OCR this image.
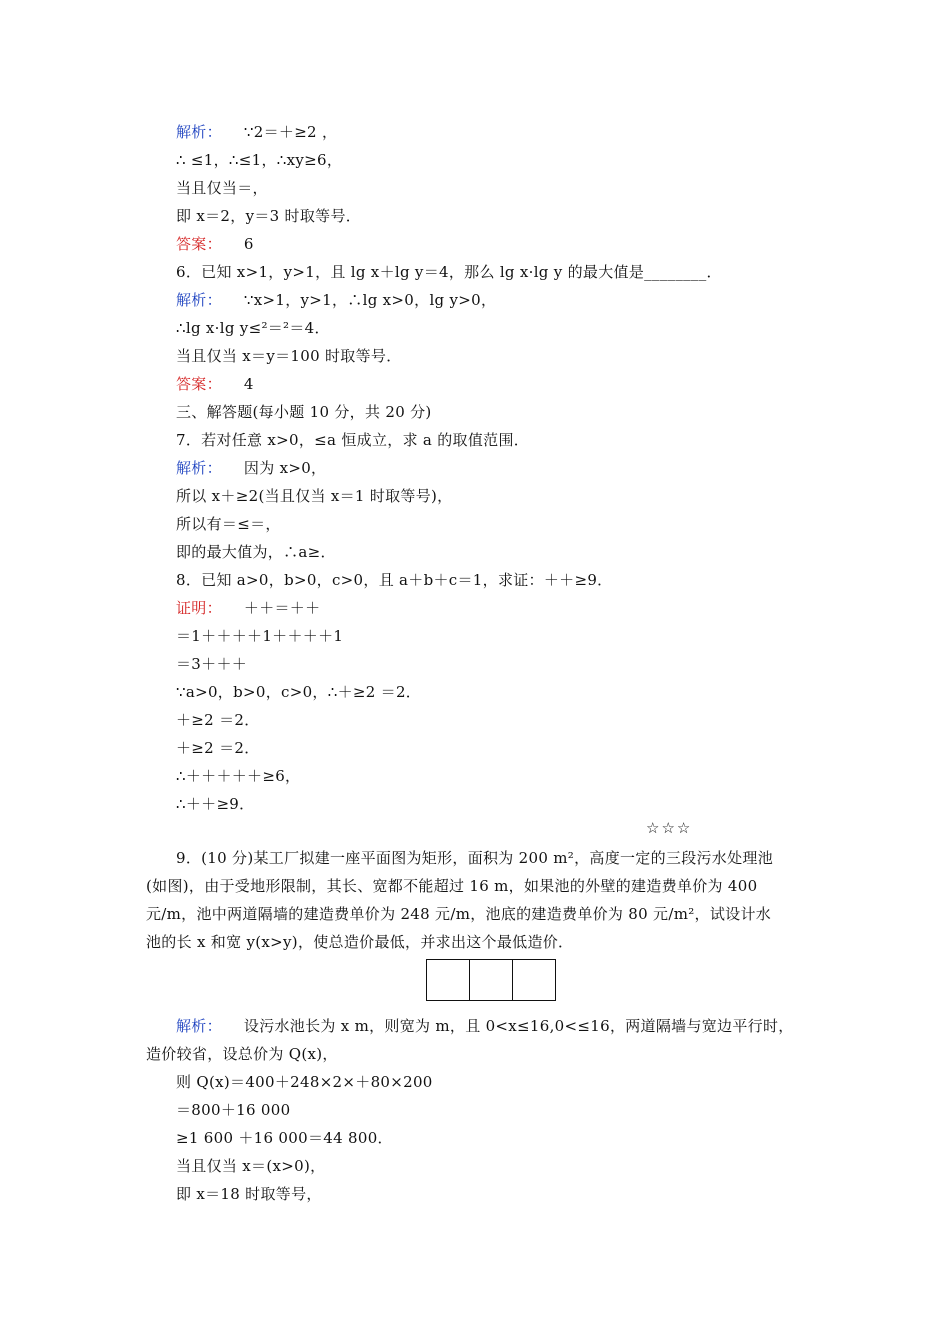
解析： ∵2＝＋≥2 ，
∴ ≤1，∴≤1，∴xy≥6，
当且仅当＝，
即 x＝2，y＝3 时取等号．
答案： 6
6．已知 x>1，y>1，且 lg x＋lg y＝4，那么 lg x·lg y 的最大值是________．
解析： ∵x>1，y>1，∴lg x>0，lg y>0，
∴lg x·lg y≤²＝²＝4．
当且仅当 x＝y＝100 时取等号．
答案： 4
三、解答题(每小题 10 分，共 20 分)
7．若对任意 x>0，≤a 恒成立，求 a 的取值范围．
解析： 因为 x>0，
所以 x＋≥2(当且仅当 x＝1 时取等号)，
所以有＝≤＝，
即的最大值为，∴a≥．
8．已知 a>0，b>0，c>0，且 a＋b＋c＝1，求证：＋＋≥9．
证明： ＋＋＝＋＋
＝1＋＋＋＋1＋＋＋＋1
＝3＋＋＋
∵a>0，b>0，c>0，∴＋≥2 ＝2．
＋≥2 ＝2．
＋≥2 ＝2．
∴＋＋＋＋＋≥6，
∴＋＋≥9．
☆☆☆
9．(10 分)某工厂拟建一座平面图为矩形，面积为 200 m²，高度一定的三段污水处理池
(如图)，由于受地形限制，其长、宽都不能超过 16 m，如果池的外壁的建造费单价为 400
元/m，池中两道隔墙的建造费单价为 248 元/m，池底的建造费单价为 80 元/m²，试设计水
池的长 x 和宽 y(x>y)，使总造价最低，并求出这个最低造价．
解析： 设污水池长为 x m，则宽为 m，且 0<x≤16,0<≤16，两道隔墙与宽边平行时，
造价较省，设总价为 Q(x)，
则 Q(x)＝400＋248×2×＋80×200
＝800＋16 000
≥1 600 ＋16 000＝44 800．
当且仅当 x＝(x>0)，
即 x＝18 时取等号，
